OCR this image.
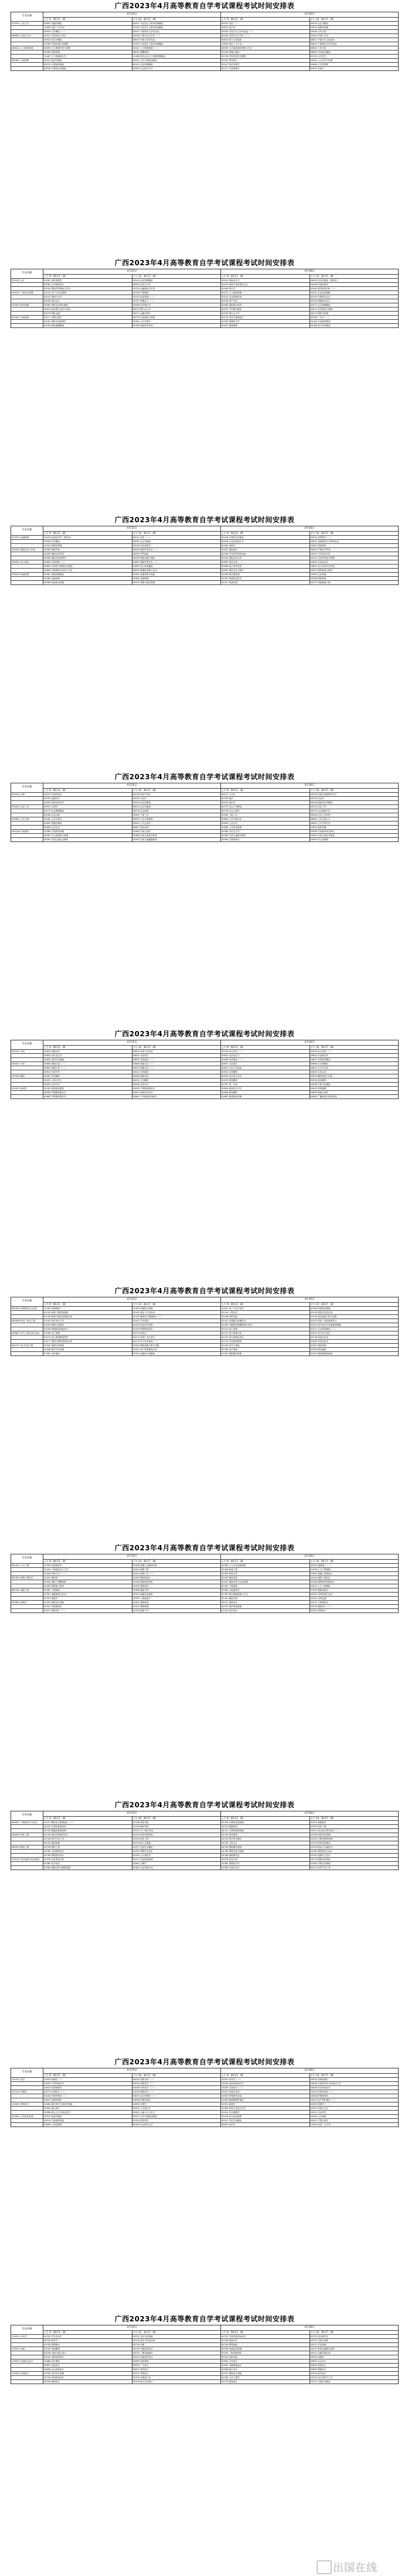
广西2023年4月高等教育自学考试课程考试时间安排表
专业名称	4月15日		4月16日	
	上午 9：00-11：30	下午 14：30-17：00	上午 9：00-11：30	下午 14：30-17：00
070201 文化产业	00642 传播学概论	00001 马克思主义基本原理概论	00015 英语（二）	00034 社会学概论
	13000 英语（专升本）	03709 马克思主义基本原理概论	05679 宪法学	00054 管理学原理
	00529 文学概论（一）	00531 中国现代文学作品选	00533 中国古代文学作品选（二）	00536 古代汉语
080802 汉语言文学	00537 中国现代文学史	00538 中国古代文学史（一）	00539 中国古代文学史（二）	00540 外国文学史
	00541 语言学概论	00813 外国文学作品选	00815 西方文论选读	00817 中国古代文论选读
	03708 中国近现代史纲要	03709 马克思主义基本原理概论	13000 英语（专升本）	00812 中国现代文学作品选
060101 人力资源管理	06093 人力资源开发与管理	00147 人力资源管理（一）	06090 人员素质测评理论与方法	06092 工作分析
	05963 绩效管理	06091 薪酬管理	00163 管理心理学	06089 劳动就业概论
	11467 人力资源统计学	11466 现代企业人力资源管理概论	03708 中国近现代史纲要	04729 大学语文
082801 行政管理	00312 政治学概论	00315 当代中国政治制度	00320 领导科学	00341 公文写作与处理
	00319 行政组织理论	00144 企业管理概论	00107 现代管理学	01848 公务员制度
	00018 计算机应用基础	03350 社会研究方法	00277 行政管理学	00292 市政学
广西2023年4月高等教育自学考试课程考试时间安排表
专业名称	4月15日		4月16日	
	上午 9：00-11：30	下午 14：30-17：00	上午 9：00-11：30	下午 14：30-17：00
050101 会计	00067 财务管理学	00144 企业管理概论	00041 基础会计学	00043 经济法概论（财经类）
	00162 会计制度设计	00055 企业会计学	00070 政府与事业单位会计	00058 市场营销学
	00149 国际贸易理论与实务	00150 金融理论与实务	00160 审计学	00161 财务报表分析（一）
050201 工商企业管理	00145 生产与作业管理	00146 中国税制	00147 人力资源管理（一）	00151 企业经营战略
	00152 组织行为学	00153 质量管理（一）	00154 企业管理咨询	00155 中级财务会计
	00156 成本会计	00157 管理会计（一）	00158 资产评估	00159 高级财务会计
050301 财务管理	00065 国民经济统计概论	00066 货币银行学	00069 国际商务谈判	00071 社会保障概论
	00072 商业银行业务与经营	00073 银行会计学	00074 中央银行概论	00075 证券投资与管理
	00076 国际金融	00077 金融市场学	00078 银行会计学	00079 保险学原理
050401 市场营销	00177 消费心理学	00178 市场调查与预测	00179 谈判与推销技巧	00180 广告学（一）
	00181 国际市场营销学	00182 公共关系学	00183 消费经济学	00184 市场营销策划
	00185 商品流通概论	00186 国际商务谈判	00187 物流管理	00188 电子商务概论
广西2023年4月高等教育自学考试课程考试时间安排表
专业名称	4月15日		4月16日	
	上午 9：00-11：30	下午 14：30-17：00	上午 9：00-11：30	下午 14：30-17：00
020203 金融管理	00009 政治经济学（财经类）	00012 英语（一）	00018 计算机应用基础	00020 高等数学（一）
	00040 法学概论	00042 社会学概论	00045 企业经济统计学	00051 管理系统中计算机应用
	00054 管理学原理	00058 市场营销学	00060 财政学	00061 国家税收
030302 国际经济与贸易	00089 国际贸易	00090 国际贸易实务（一）	00091 国际商法	00092 中国对外贸易
	00093 国际技术贸易	00094 外贸函电	00096 外刊经贸知识选读	00097 外贸英语写作
	00098 国际市场营销学	00099 国际运输与保险	00100 国际经济合作	00101 外经贸经营与管理
030401 电子商务	00890 市场营销（三）	00891 国际贸易实务（三）	00892 商务交流（二）	00893 市场信息学
	00894 计算机与网络技术基础	00895 电子商务概论	00896 电子商务英语	00897 电子商务安全导论
	00898 互联网软件应用与开发	00899 数据库原理与应用	00900 网页设计与制作	00901 网络营销与策划
030501 物流管理	05361 物流管理概论	05362 物流案例与实践	05363 供应链管理	05364 企业物流
	05365 运输管理	05366 仓储管理	05367 物流信息技术	05368 国际物流
	05369 物流成本管理	05370 采购与供应管理	05371 物流法规	05372 物流系统工程
广西2023年4月高等教育自学考试课程考试时间安排表
专业名称	4月15日		4月16日	
	上午 9：00-11：30	下午 14：30-17：00	上午 9：00-11：30	下午 14：30-17：00
030101 法律	00223 中国法制史	00226 知识产权法	00227 公司法	00228 环境与资源保护法学
	00229 证据法学	00230 合同法	00233 税法	00242 民法学
	00243 民事诉讼法学	00244 经济法概论	00245 刑法学	00246 国际经济法概论
030301 社会工作	00031 心理学	00034 社会学概论	00273 社会工作概论	00274 社区工作
	00275 社会保障概论	00276 社会政策	00278 社会心理学	00279 社会调查方法
	00280 社会行政	00281 个案工作	00282 小组工作	00283 社会工作法规
030602 公共关系	00182 公共关系学	00639 公共关系案例	00640 公共关系礼仪	00641 公共关系口才
	00642 传播学概论	00643 公关心理学	00644 公关礼仪	00645 公共关系写作
	00646 社交礼仪	00647 商务谈判	00648 公共危机管理	00649 组织传播
040106 学前教育	00383 学前教育原理	00384 学前心理学	00385 学前卫生学	00386 学前教育科学研究
	00387 幼儿园组织与管理	00388 学前儿童语言教育	00389 学前儿童科学教育	00390 学前儿童艺术教育
	00391 学前儿童社会教育	00392 学前儿童健康教育	00393 学前教育史	00394 幼儿园课程
广西2023年4月高等教育自学考试课程考试时间安排表
专业名称	4月15日		4月16日	
	上午 9：00-11：30	下午 14：30-17：00	上午 9：00-11：30	下午 14：30-17：00
050201 英语	00600 高级英语	00604 英美文学选读	00794 综合英语（一）	00795 综合英语（二）
	00830 现代语言学	00831 英语语法	00832 英语词汇学	00833 外语教学法
	00834 英语写作基础	00835 英语阅读（一）	00836 英语阅读（二）	00837 英语国家概况
050207 日语	00605 基础日语（一）	00606 基础日语（二）	00607 日语语法	00608 日本国概况
	00609 高级日语（一）	00610 高级日语（二）	00611 日本文学选读	00612 日本文学史
	00613 日语写作	00614 日语阅读	00615 日语翻译	00616 日语会话
050261 翻译	00087 英语翻译	00088 基础英语	00089 英汉语言对比	00090 翻译理论与实践
	00091 口译与听力	00092 文学翻译	00093 科技翻译	00094 商务翻译
	00095 汉语写作	00096 英语写作	00097 第二外语	00098 中国文化概论
050301 新闻学	00181 新闻事业概论	00653 中国新闻事业史	00654 新闻采访写作	00655 报纸编辑
	00656 外国新闻事业史	00657 新闻评论写作	00658 新闻摄影	00659 新闻心理学
	00660 外国新闻事业史	00661 中外新闻作品研究	00662 新闻事业管理	00663 广播新闻与电视新闻
广西2023年4月高等教育自学考试课程考试时间安排表
专业名称	4月15日		4月16日	
	上午 9：00-11：30	下午 14：30-17：00	上午 9：00-11：30	下午 14：30-17：00
080301 机械制造与自动化	02183 机械制图（一）	02185 机械设计基础	02187 电工与电子技术	02189 机械制造基础
	02190 机械工程控制基础	02191 液压与气压传动	02194 工程经济	02195 数控技术及应用
	02196 微型计算机原理及应用	02197 概率论与数理统计（二）	02198 线性代数	02199 复变函数与积分变换
080306 机电一体化工程	02200 现代设计方法	02201 汽车构造	02202 传感器与检测技术	02203 机电一体化系统设计
	02204 机械工程材料	02205 机床电气控制	02206 可编程控制器原理与应用	02207 电气传动与可编程控制器
	02208 机械制造装备设计	02209 机械制造技术	02210 电工原理	02211 自动控制理论（二）
080601 电气工程及其自动化	02269 电工原理	02270 电机学	02271 电力系统分析	02272 电力电子技术
	02273 电力系统继电保护	02274 发电厂电气部分	02275 电力系统自动化	02276 高电压技术
	02277 微型计算机原理及应用	02278 电子技术基础（二）	02279 自动控制系统	02280 供用电技术
080701 电子信息工程	02342 电路分析基础	02343 模拟电路与数字电路	02344 信号与系统	02345 通信原理
	02346 数字信号处理	02347 单片机原理及应用	02348 电子测量	02349 移动通信
	02350 光纤通信	02351 电磁场与电磁波	02352 数据通信原理	02353 通信网理论基础
广西2023年4月高等教育自学考试课程考试时间安排表
专业名称	4月15日		4月16日	
	上午 9：00-11：30	下午 14：30-17：00	上午 9：00-11：30	下午 14：30-17：00
081001 土木工程	02394 房屋建筑学	02396 混凝土及砌体结构	02398 土力学及地基基础	02400 建筑施工（一）
	02404 工程地质及土力学	02405 道路工程	02406 桥梁工程	02408 土木工程制图
	02409 结构力学（一）	02410 结构力学（二）	02439 结构力学	02440 混凝土结构设计
081002 建筑工程技术	02441 钢结构	02442 钢结构设计	02443 建筑设备	02444 建筑工程经济
	02445 建筑工程概预算	02446 建筑结构试验	02447 建筑经济与企业管理	02448 建筑结构抗震设计
	02449 建筑施工组织	02450 建筑材料	02451 工程测量	02452 土木工程概论
081201 测绘工程	02387 工程测量	02388 测量平差	02389 大地测量学	02390 摄影测量学
	02391 遥感原理与应用	02392 地理信息系统	02393 数字测图原理与方法	02395 GPS原理与应用
	02397 地图学	02399 工程测量学	02401 测绘法规	02402 变形监测
082801 建筑学	02403 建筑设计基础	02407 建筑构造	02411 建筑美术	02412 中国建筑史
	02413 外国建筑史	02414 建筑物理	02415 城市规划原理	02416 建筑设计（一）
	02417 建筑设计（二）	02418 建筑力学	02419 室内设计	02420 景观设计
广西2023年4月高等教育自学考试课程考试时间安排表
专业名称	4月15日		4月16日	
	上午 9：00-11：30	下午 14：30-17：00	上午 9：00-11：30	下午 14：30-17：00
080901 计算机科学与技术	02197 概率论与数理统计（二）	02198 线性代数	02318 计算机组成原理	02324 离散数学
	02325 计算机系统结构	02326 操作系统	02331 数据结构	02333 软件工程
	04735 数据库系统原理	04737 C++程序设计	04741 计算机网络原理	04747 Java语言程序设计（一）
080902 软件工程	04743 面向对象程序设计	04744 软件体系结构	04745 软件测试	04746 软件项目管理
	04748 软件开发工具	04749 需求工程	04750 软件设计模式	04751 计算机网络管理
	04752 编译原理	04753 嵌入式系统	04754 人机交互	04755 软件质量保证
080903 网络工程	04756 网络工程	04757 信息安全概论	04758 网络操作系统	04759 路由与交换技术
	04760 无线网络技术	04761 网络安全技术	04762 网络设备与配置	04763 网络规划与设计
	04764 网络程序设计	04765 云计算技术	04766 物联网导论	04767 数据中心技术
120102 信息管理与信息系统	02376 信息系统开发	02377 信息资源管理	02378 信息分析	02379 管理信息系统
	02380 电子政务	02381 运筹学	02382 管理经济学	02383 决策支持系统
	02384 数据仓库与数据挖掘	02385 企业资源计划	02386 信息经济学	03173 软件开发工具
广西2023年4月高等教育自学考试课程考试时间安排表
专业名称	4月15日		4月16日	
	上午 9：00-11：30	下午 14：30-17：00	上午 9：00-11：30	下午 14：30-17：00
100701 药学	03029 药理学（二）	03030 药物分析（一）	03031 药剂学（一）	03032 药事管理学
	03033 天然药物化学	03034 药物化学（二）	03035 临床药物治疗学	03036 生物药剂学与药物动力学
	03037 药用植物学	03038 分析化学（二）	03039 生物化学（三）	03040 医用有机化学
101101 护理学	03179 生物化学（三）	03200 预防医学（二）	03201 护理学导论	03202 内科护理学（二）
	03203 外科护理学（二）	03004 社区护理学（一）	03005 护理教育导论	03006 护理管理学
	03007 急救护理学	03008 护理学研究	03009 精神障碍护理学	03010 妇产科护理学（二）
100401 预防医学	02864 微生物学与免疫学基础	02899 生理学	02901 病理学	02903 药理学（一）
	02904 流行病学	02905 卫生统计学	02906 营养与食品卫生学	02907 环境卫生学
	02908 职业卫生与职业医学	02909 儿童少年卫生学	02910 妇女保健学	02911 社会医学
120401 公共事业管理	00312 政治学概论	00315 当代中国政治制度	00316 西方政治制度	00318 公共政策
	00319 行政组织理论	00320 领导科学	00321 中国文化概论	00322 中国行政史
	01848 公务员制度	03350 社会研究方法	05679 宪法学	13000 英语（专升本）
广西2023年4月高等教育自学考试课程考试时间安排表
专业名称	4月15日		4月16日	
	上午 9：00-11：30	下午 14：30-17：00	上午 9：00-11：30	下午 14：30-17：00
130201 音乐学	00730 中外音乐史	00731 音乐分析基础	00732 中国民族民间音乐	00733 音乐教学法
	00734 和声学	00735 曲式与作品分析	00736 歌曲写作	00737 合唱与指挥
	00738 视唱练耳	00739 乐理	00740 钢琴基础	00741 声乐基础
130310 动画	09234 动画概论	09235 动画造型设计	09236 动画运动规律	09237 影视动画剧本创作
	09238 动画分镜头设计	09239 三维动画制作	09240 二维动画制作	09241 动画后期合成
	09242 动画场景设计	09243 动画视听语言	09244 定格动画	09245 动画史
130502 视觉传达设计	00688 设计概论	00689 装饰基础	00690 字体设计	00691 标志设计
	00692 包装设计	00693 广告设计	00694 书籍装帧设计	00695 招贴设计
	00696 企业形象设计	00697 网页设计	00698 展示设计	00699 插图设计
130503 环境设计	00700 室内设计原理	00701 景观设计	00702 建筑设计基础	00703 家具设计
	00704 室内陈设设计	00705 环境设计史	00706 人体工程学	00707 设计材料与工艺
	00708 园林设计	00709 展示空间设计	00710 照明设计	00711 环境艺术概论
出国在线
